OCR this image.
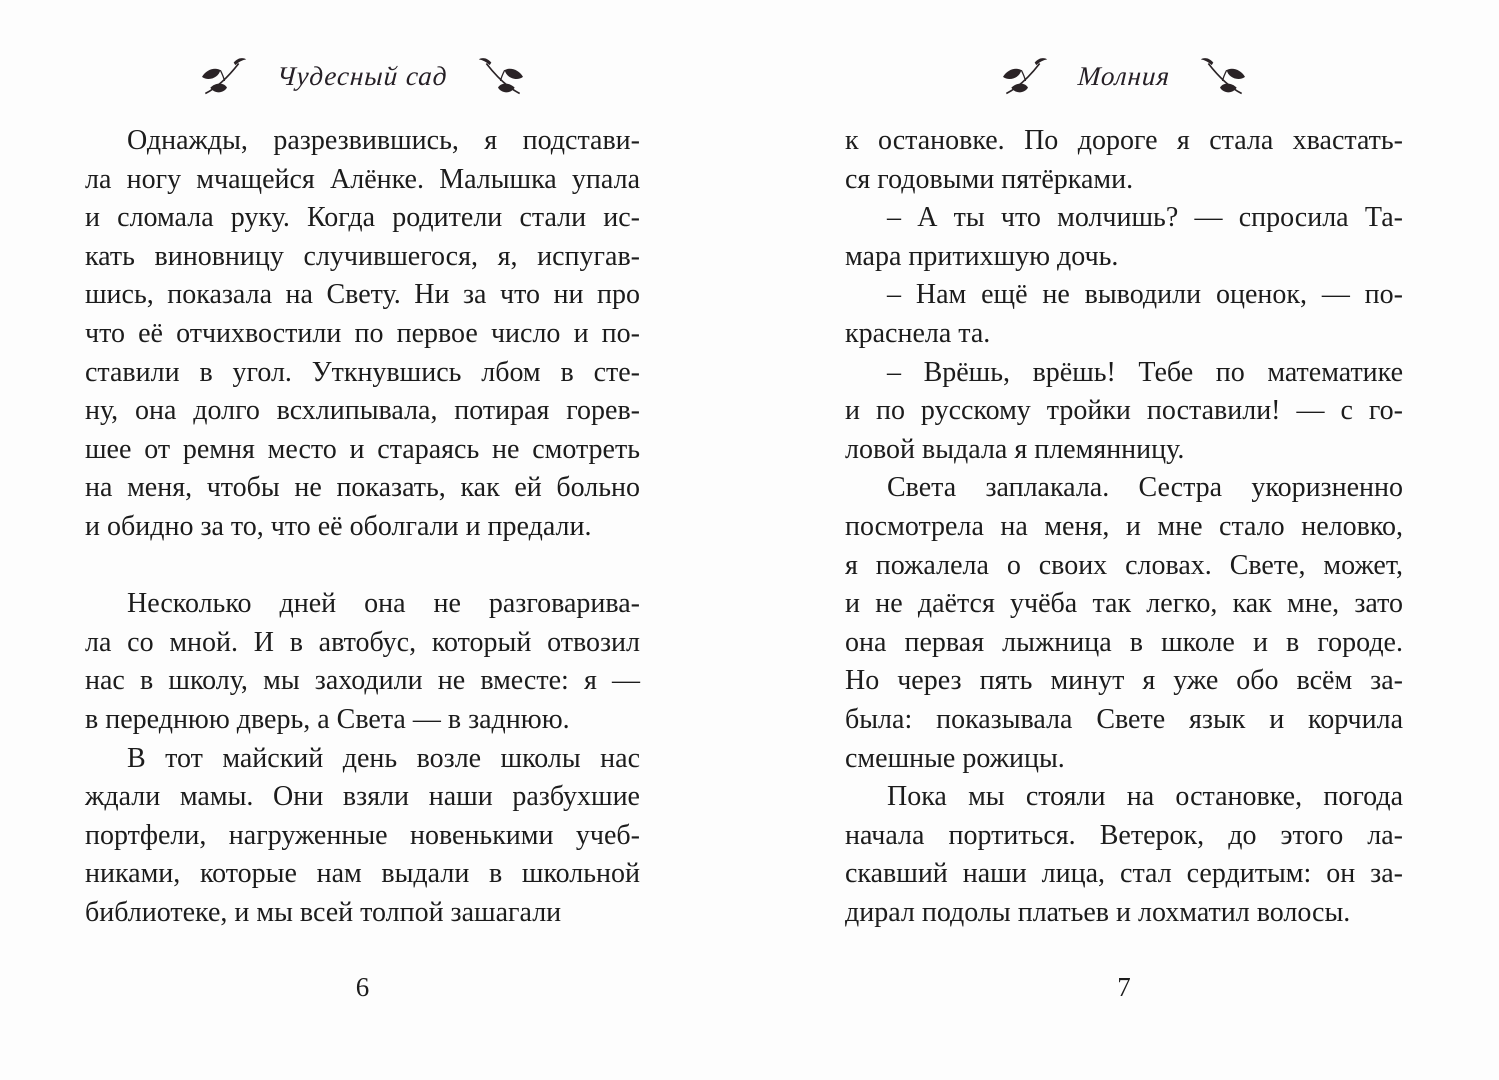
Чудесный сад
Однажды, разрезвившись, я подстави-
ла ногу мчащейся Алёнке. Малышка упала
и сломала руку. Когда родители стали ис-
кать виновницу случившегося, я, испугав-
шись, показала на Свету. Ни за что ни про
что её отчихвостили по первое число и по-
ставили в угол. Уткнувшись лбом в сте-
ну, она долго всхлипывала, потирая горев-
шее от ремня место и стараясь не смотреть
на меня, чтобы не показать, как ей больно
и обидно за то, что её оболгали и предали.
Несколько дней она не разговарива-
ла со мной. И в автобус, который отвозил
нас в школу, мы заходили не вместе: я —
в переднюю дверь, а Света — в заднюю.
В тот майский день возле школы нас
ждали мамы. Они взяли наши разбухшие
портфели, нагруженные новенькими учеб-
никами, которые нам выдали в школьной
библиотеке, и мы всей толпой зашагали
6
Молния
к остановке. По дороге я стала хвастать-
ся годовыми пятёрками.
– А ты что молчишь? — спросила Та-
мара притихшую дочь.
– Нам ещё не выводили оценок, — по-
краснела та.
– Врёшь, врёшь! Тебе по математике
и по русскому тройки поставили! — с го-
ловой выдала я племянницу.
Света заплакала. Сестра укоризненно
посмотрела на меня, и мне стало неловко,
я пожалела о своих словах. Свете, может,
и не даётся учёба так легко, как мне, зато
она первая лыжница в школе и в городе.
Но через пять минут я уже обо всём за-
была: показывала Свете язык и корчила
смешные рожицы.
Пока мы стояли на остановке, погода
начала портиться. Ветерок, до этого ла-
скавший наши лица, стал сердитым: он за-
дирал подолы платьев и лохматил волосы.
7
